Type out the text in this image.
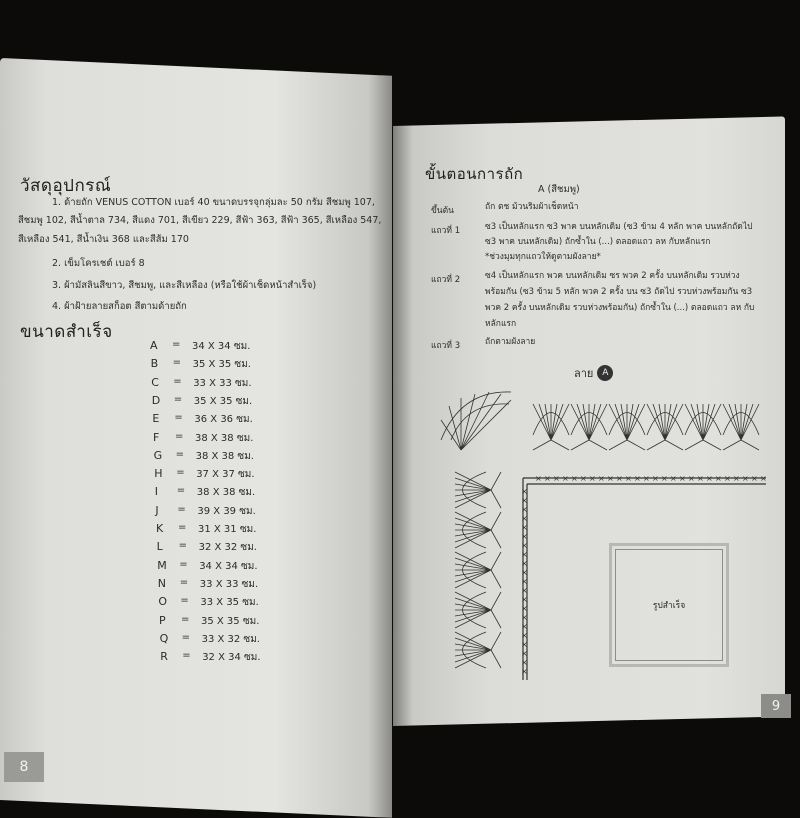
วัสดุอุปกรณ์
1. ด้ายถัก VENUS COTTON เบอร์ 40 ขนาดบรรจุกลุ่มละ 50 กรัม สีชมพู 107,
สีชมพู 102, สีน้ำตาล 734, สีแดง 701, สีเขียว 229, สีฟ้า 363, สีฟ้า 365, สีเหลือง 547,
สีเหลือง 541, สีน้ำเงิน 368 และสีส้ม 170
2. เข็มโครเชต์ เบอร์ 8
3. ผ้ามัสลินสีขาว, สีชมพู, และสีเหลือง (หรือใช้ผ้าเช็ดหน้าสำเร็จ)
4. ผ้าฝ้ายลายสก็อต สีตามด้ายถัก
ขนาดสำเร็จ
A	=	34 X 34 ซม.
B	=	35 X 35 ซม.
C	=	33 X 33 ซม.
D	=	35 X 35 ซม.
E	=	36 X 36 ซม.
F	=	38 X 38 ซม.
G	=	38 X 38 ซม.
H	=	37 X 37 ซม.
I	=	38 X 38 ซม.
J	=	39 X 39 ซม.
K	=	31 X 31 ซม.
L	=	32 X 32 ซม.
M	=	34 X 34 ซม.
N	=	33 X 33 ซม.
O	=	33 X 35 ซม.
P	=	35 X 35 ซม.
Q	=	33 X 32 ซม.
R	=	32 X 34 ซม.
8
ขั้นตอนการถัก
A (สีชมพู)
ขึ้นต้น	ถัก ตช ม้วนริมผ้าเช็ดหน้า
แถวที่ 1	ซ3 เป็นหลักแรก ซ3 พาค บนหลักเดิม (ซ3 ข้าม 4 หลัก พาค บนหลักถัดไป
ซ3 พาค บนหลักเดิม) ถักซ้ำใน (...) ตลอดแถว ลห กับหลักแรก
*ช่วงมุมทุกแถวให้ดูตามผังลาย*
แถวที่ 2	ซ4 เป็นหลักแรก พวค บนหลักเดิม ซร พวค 2 ครั้ง บนหลักเดิม รวบห่วง
พร้อมกัน (ซ3 ข้าม 5 หลัก พวค 2 ครั้ง บน ซ3 ถัดไป รวบห่วงพร้อมกัน ซ3
พวค 2 ครั้ง บนหลักเดิม รวบห่วงพร้อมกัน) ถักซ้ำใน (...) ตลอดแถว ลห กับ
หลักแรก
แถวที่ 3	ถักตามผังลาย
ลาย A
× × × × × × × × × × × × × × × × × × × × × × × × × ×
×
×
×
×
×
×
×
×
×
×
×
×
×
×
×
×
×
×
×
×
×
รูปสำเร็จ
9
